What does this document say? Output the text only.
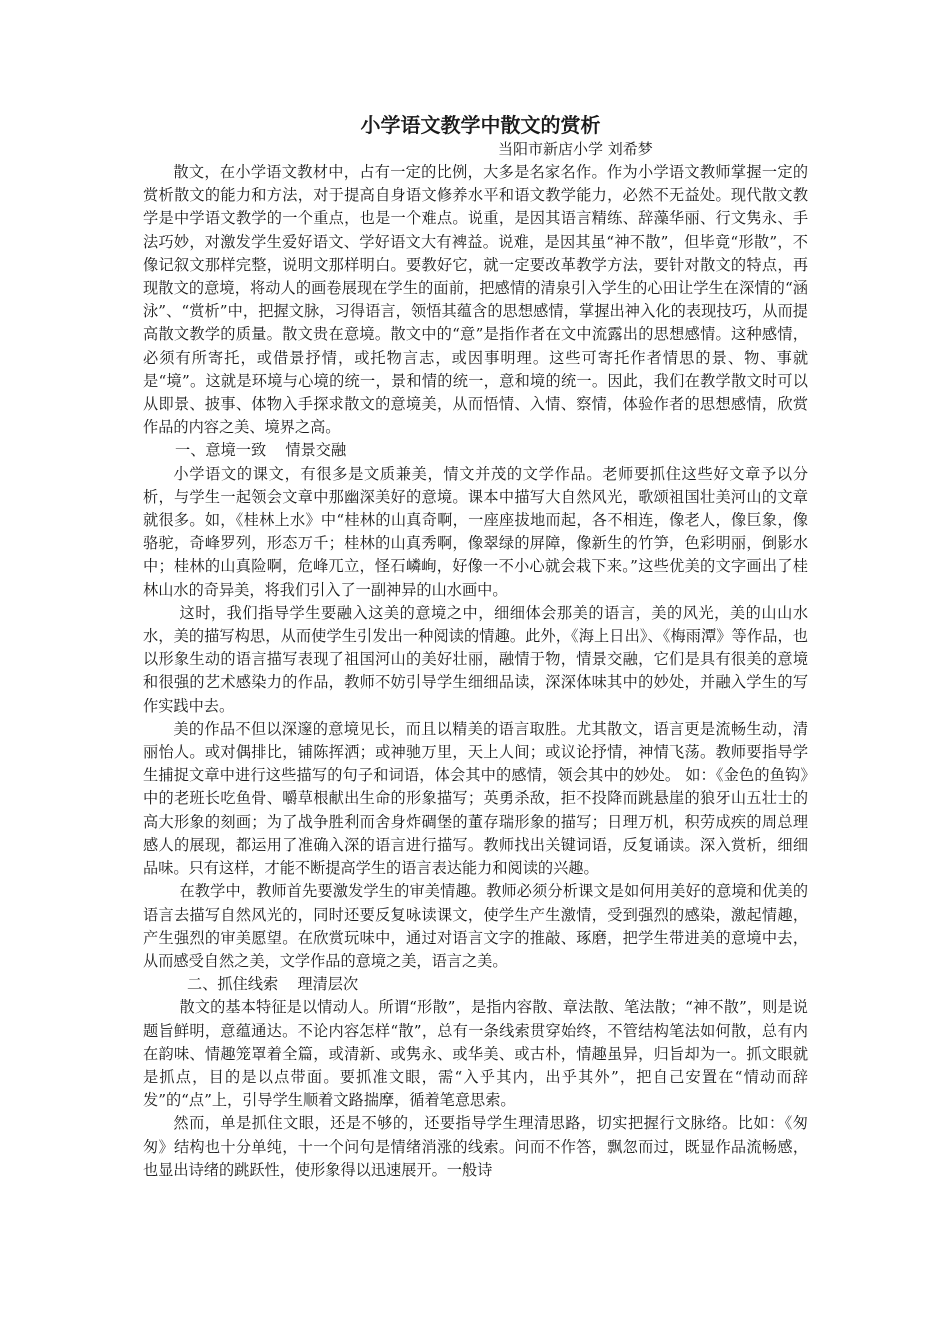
小学语文教学中散文的赏析
当阳市新店小学 刘希梦

散文，在小学语文教材中，占有一定的比例，大多是名家名作。作为小学语文教师掌握一定的赏析散文的能力和方法，对于提高自身语文修养水平和语文教学能力，必然不无益处。现代散文教学是中学语文教学的一个重点，也是一个难点。说重，是因其语言精练、辞藻华丽、行文隽永、手法巧妙，对激发学生爱好语文、学好语文大有裨益。说难，是因其虽“神不散”，但毕竟“形散”，不像记叙文那样完整，说明文那样明白。要教好它，就一定要改革教学方法，要针对散文的特点，再现散文的意境，将动人的画卷展现在学生的面前，把感情的清泉引入学生的心田让学生在深情的“涵泳”、“赏析”中，把握文脉，习得语言，领悟其蕴含的思想感情，掌握出神入化的表现技巧，从而提高散文教学的质量。散文贵在意境。散文中的“意”是指作者在文中流露出的思想感情。这种感情，必须有所寄托，或借景抒情，或托物言志，或因事明理。这些可寄托作者情思的景、物、事就是“境”。这就是环境与心境的统一，景和情的统一，意和境的统一。因此，我们在教学散文时可以从即景、披事、体物入手探求散文的意境美，从而悟情、入情、察情，体验作者的思想感情，欣赏作品的内容之美、境界之高。

一、意境一致    情景交融

小学语文的课文，有很多是文质兼美，情文并茂的文学作品。老师要抓住这些好文章予以分析，与学生一起领会文章中那幽深美好的意境。课本中描写大自然风光，歌颂祖国壮美河山的文章就很多。如，《桂林上水》中“桂林的山真奇啊，一座座拔地而起，各不相连，像老人，像巨象，像骆驼，奇峰罗列，形态万千；桂林的山真秀啊，像翠绿的屏障，像新生的竹笋，色彩明丽，倒影水中；桂林的山真险啊，危峰兀立，怪石嶙峋，好像一不小心就会栽下来。”这些优美的文字画出了桂林山水的奇异美，将我们引入了一副神异的山水画中。

这时，我们指导学生要融入这美的意境之中，细细体会那美的语言，美的风光，美的山山水水，美的描写构思，从而使学生引发出一种阅读的情趣。此外，《海上日出》、《梅雨潭》等作品，也以形象生动的语言描写表现了祖国河山的美好壮丽，融情于物，情景交融，它们是具有很美的意境和很强的艺术感染力的作品，教师不妨引导学生细细品读，深深体味其中的妙处，并融入学生的写作实践中去。

美的作品不但以深邃的意境见长，而且以精美的语言取胜。尤其散文，语言更是流畅生动，清丽怡人。或对偶排比，铺陈挥洒；或神驰万里，天上人间；或议论抒情，神情飞荡。教师要指导学生捕捉文章中进行这些描写的句子和词语，体会其中的感情，领会其中的妙处。 如：《金色的鱼钩》中的老班长吃鱼骨、嚼草根献出生命的形象描写；英勇杀敌，拒不投降而跳悬崖的狼牙山五壮士的高大形象的刻画；为了战争胜利而舍身炸碉堡的董存瑞形象的描写；日理万机，积劳成疾的周总理感人的展现，都运用了准确入深的语言进行描写。教师找出关键词语，反复诵读。深入赏析，细细品味。只有这样，才能不断提高学生的语言表达能力和阅读的兴趣。

在教学中，教师首先要激发学生的审美情趣。教师必须分析课文是如何用美好的意境和优美的语言去描写自然风光的，同时还要反复咏读课文，使学生产生激情，受到强烈的感染，激起情趣，产生强烈的审美愿望。在欣赏玩味中，通过对语言文字的推敲、琢磨，把学生带进美的意境中去，从而感受自然之美，文学作品的意境之美，语言之美。

二、抓住线索    理清层次

散文的基本特征是以情动人。所谓“形散”，是指内容散、章法散、笔法散；“神不散”，则是说题旨鲜明，意蕴通达。不论内容怎样“散”，总有一条线索贯穿始终，不管结构笔法如何散，总有内在韵味、情趣笼罩着全篇，或清新、或隽永、或华美、或古朴，情趣虽异，归旨却为一。抓文眼就是抓点，目的是以点带面。要抓准文眼，需“入乎其内，出乎其外”，把自己安置在“情动而辞发”的“点”上，引导学生顺着文路揣摩，循着笔意思索。

然而，单是抓住文眼，还是不够的，还要指导学生理清思路，切实把握行文脉络。比如：《匆匆》结构也十分单纯，十一个问句是情绪消涨的线索。问而不作答，飘忽而过，既显作品流畅感，也显出诗绪的跳跃性，使形象得以迅速展开。一般诗
